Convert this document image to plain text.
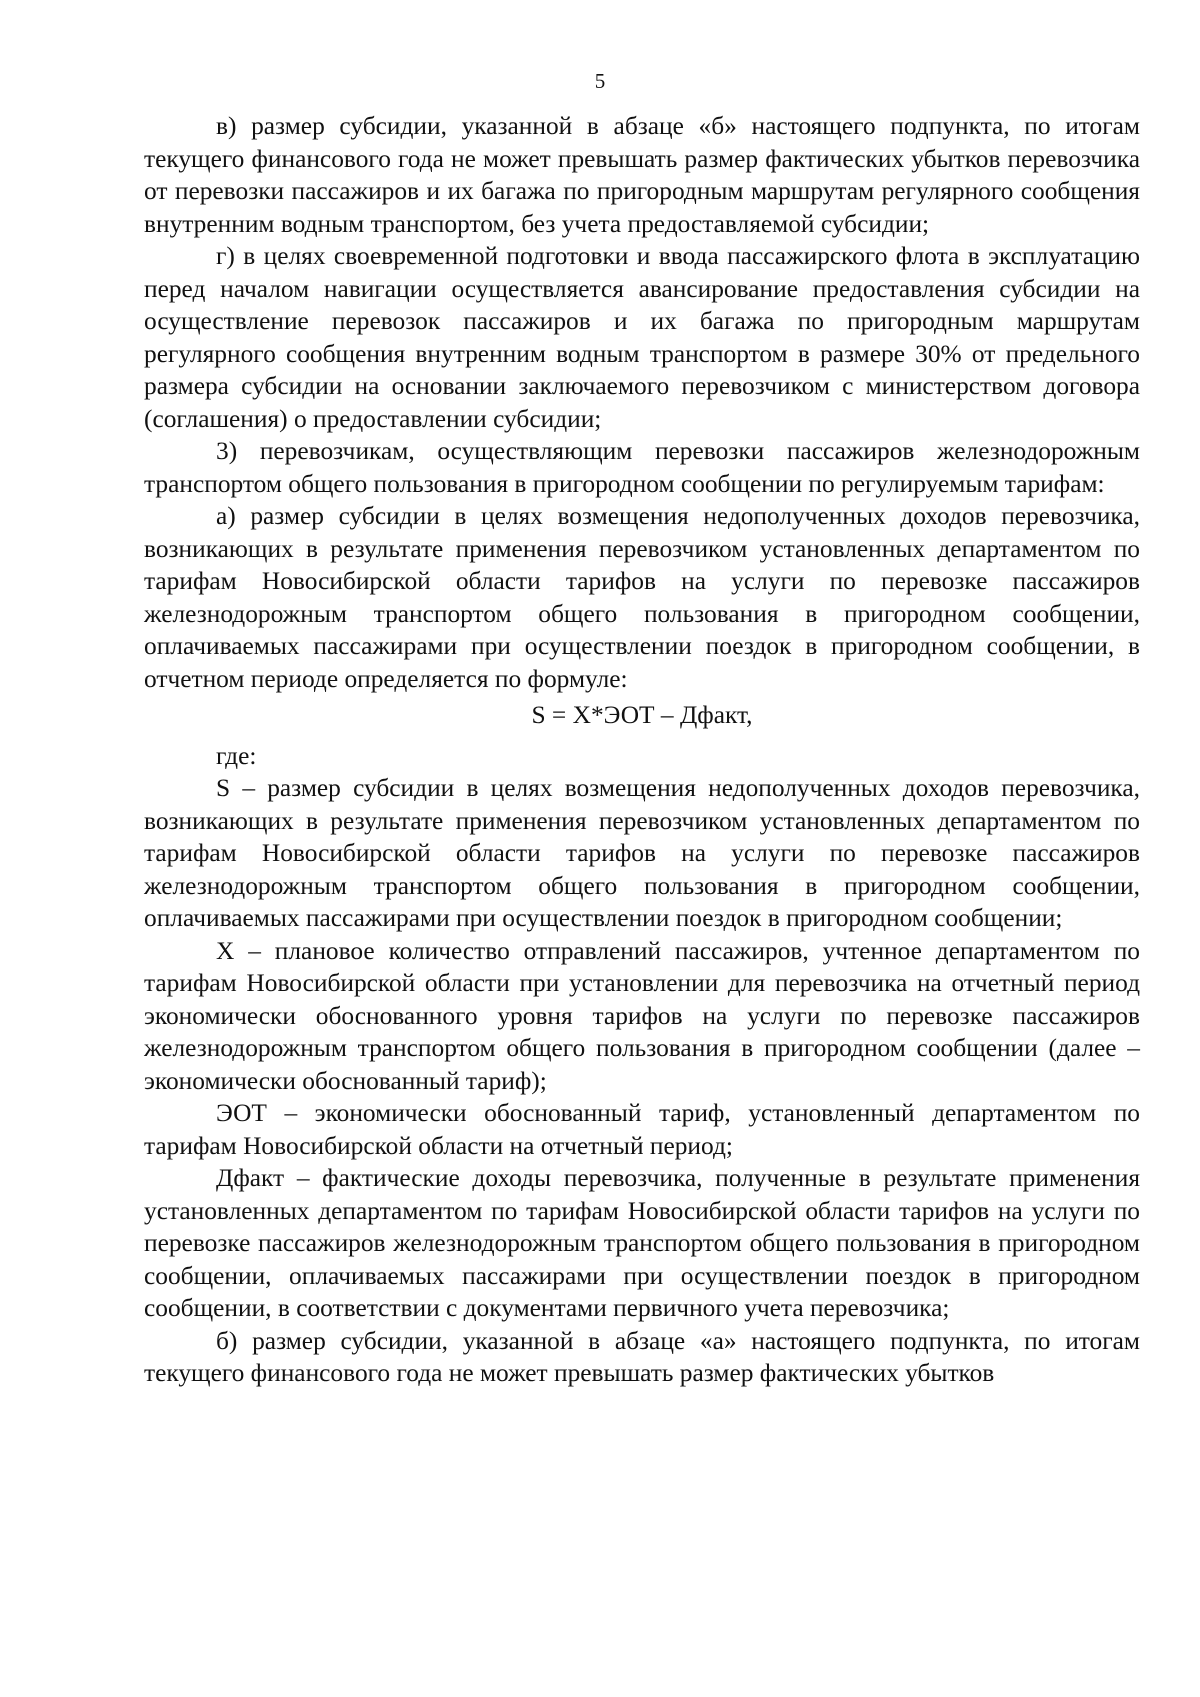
5

в) размер субсидии, указанной в абзаце «б» настоящего подпункта, по итогам текущего финансового года не может превышать размер фактических убытков перевозчика от перевозки пассажиров и их багажа по пригородным маршрутам регулярного сообщения внутренним водным транспортом, без учета предоставляемой субсидии;

г) в целях своевременной подготовки и ввода пассажирского флота в эксплуатацию перед началом навигации осуществляется авансирование предоставления субсидии на осуществление перевозок пассажиров и их багажа по пригородным маршрутам регулярного сообщения внутренним водным транспортом в размере 30% от предельного размера субсидии на основании заключаемого перевозчиком с министерством договора (соглашения) о предоставлении субсидии;

3) перевозчикам, осуществляющим перевозки пассажиров железнодорожным транспортом общего пользования в пригородном сообщении по регулируемым тарифам:

а) размер субсидии в целях возмещения недополученных доходов перевозчика, возникающих в результате применения перевозчиком установленных департаментом по тарифам Новосибирской области тарифов на услуги по перевозке пассажиров железнодорожным транспортом общего пользования в пригородном сообщении, оплачиваемых пассажирами при осуществлении поездок в пригородном сообщении, в отчетном периоде определяется по формуле:

S = X*ЭОТ – Дфакт,

где:

S – размер субсидии в целях возмещения недополученных доходов перевозчика, возникающих в результате применения перевозчиком установленных департаментом по тарифам Новосибирской области тарифов на услуги по перевозке пассажиров железнодорожным транспортом общего пользования в пригородном сообщении, оплачиваемых пассажирами при осуществлении поездок в пригородном сообщении;

X – плановое количество отправлений пассажиров, учтенное департаментом по тарифам Новосибирской области при установлении для перевозчика на отчетный период экономически обоснованного уровня тарифов на услуги по перевозке пассажиров железнодорожным транспортом общего пользования в пригородном сообщении (далее – экономически обоснованный тариф);

ЭОТ – экономически обоснованный тариф, установленный департаментом по тарифам Новосибирской области на отчетный период;

Дфакт – фактические доходы перевозчика, полученные в результате применения установленных департаментом по тарифам Новосибирской области тарифов на услуги по перевозке пассажиров железнодорожным транспортом общего пользования в пригородном сообщении, оплачиваемых пассажирами при осуществлении поездок в пригородном сообщении, в соответствии с документами первичного учета перевозчика;

б) размер субсидии, указанной в абзаце «а» настоящего подпункта, по итогам текущего финансового года не может превышать размер фактических убытков
